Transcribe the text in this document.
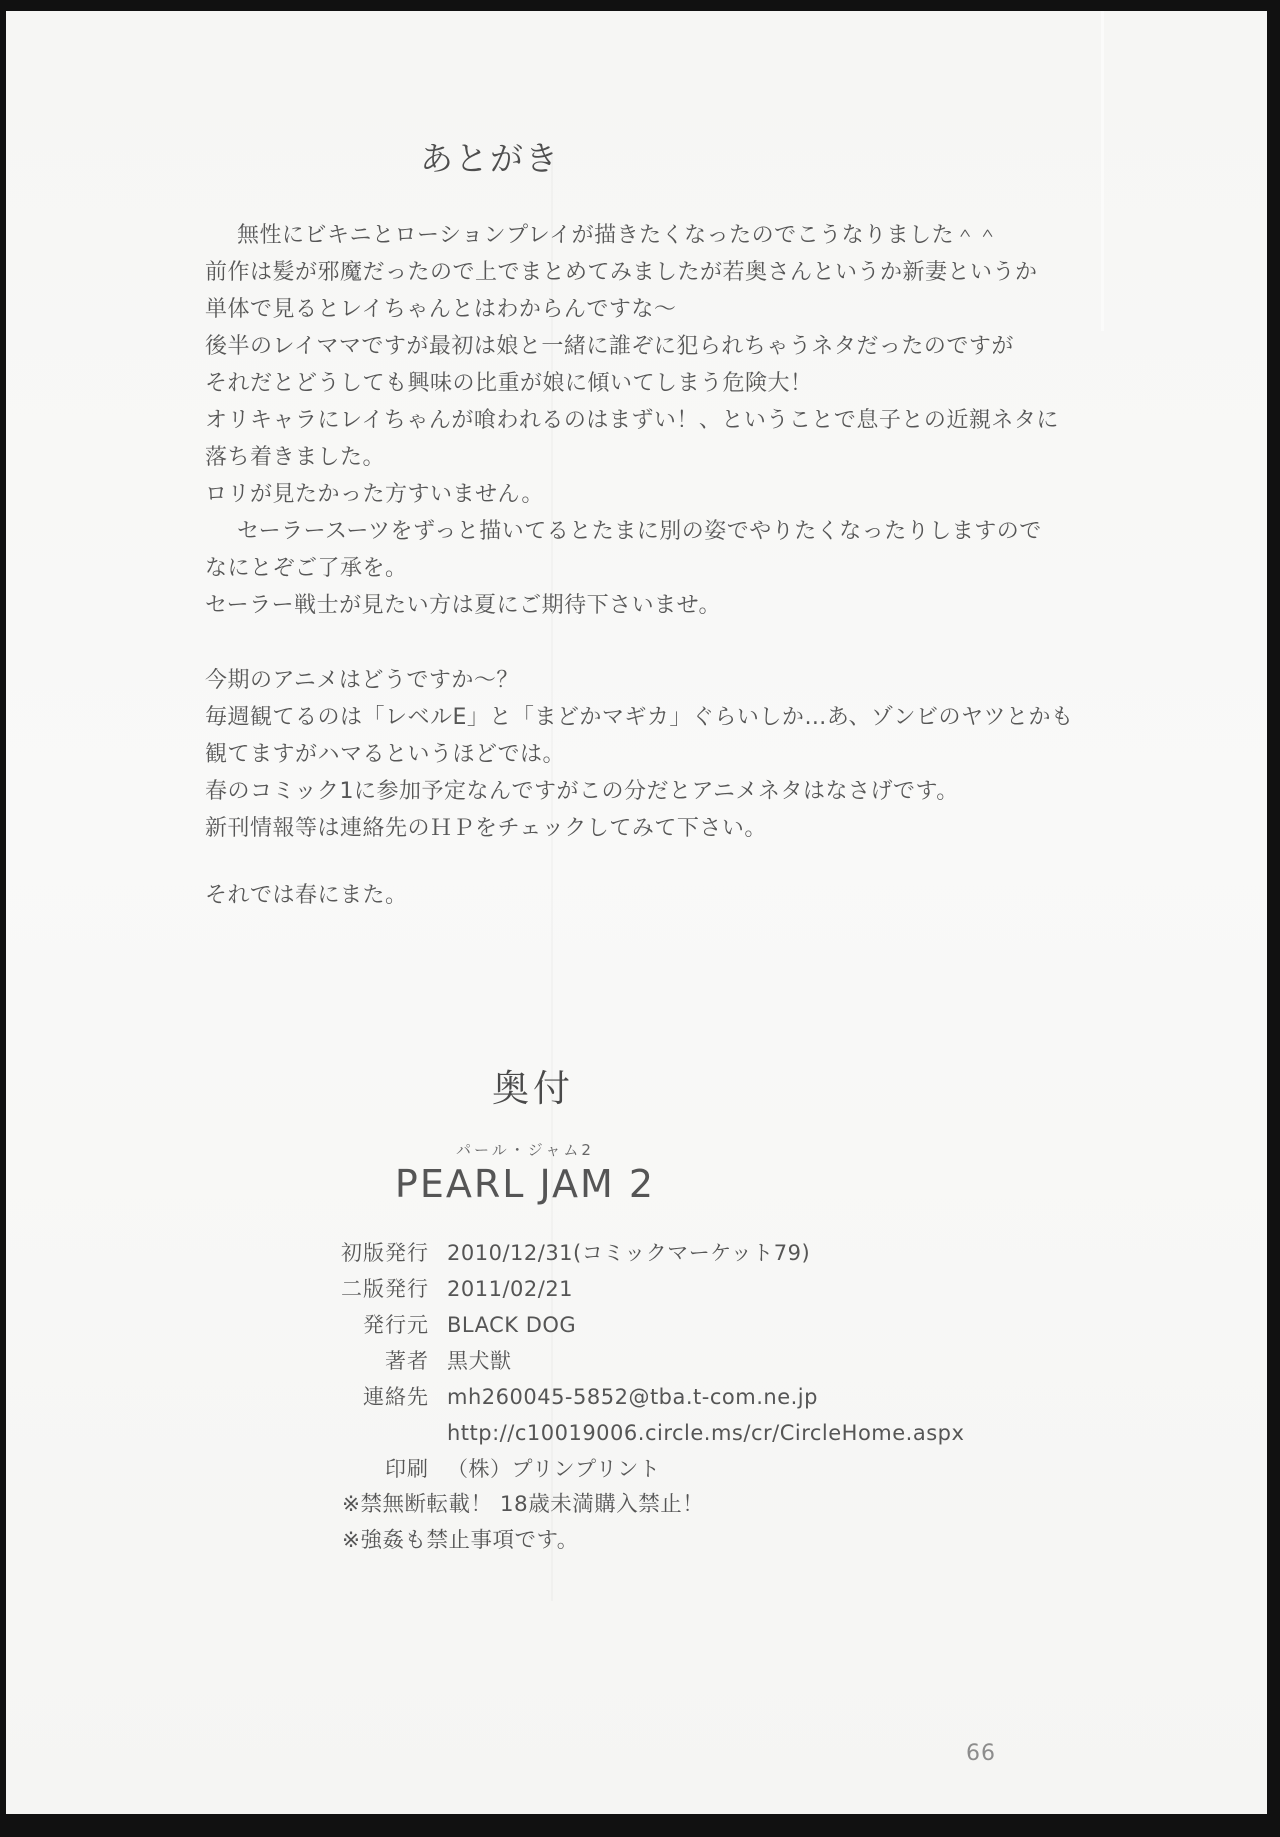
あとがき

無性にビキニとローションプレイが描きたくなったのでこうなりました＾＾

前作は髪が邪魔だったので上でまとめてみましたが若奥さんというか新妻というか

単体で見るとレイちゃんとはわからんですな～

後半のレイママですが最初は娘と一緒に誰ぞに犯られちゃうネタだったのですが

それだとどうしても興味の比重が娘に傾いてしまう危険大！

オリキャラにレイちゃんが喰われるのはまずい！、ということで息子との近親ネタに

落ち着きました。

ロリが見たかった方すいません。

セーラースーツをずっと描いてるとたまに別の姿でやりたくなったりしますので

なにとぞご了承を。

セーラー戦士が見たい方は夏にご期待下さいませ。

今期のアニメはどうですか～？

毎週観てるのは「レベルE」と「まどかマギカ」ぐらいしか…あ、ゾンビのヤツとかも

観てますがハマるというほどでは。

春のコミック1に参加予定なんですがこの分だとアニメネタはなさげです。

新刊情報等は連絡先のＨＰをチェックしてみて下さい。

それでは春にまた。

奥付
パール・ジャム2
PEARL JAM 2
初版発行 2010/12/31(コミックマーケット79)
二版発行 2011/02/21
発行元 BLACK DOG
著者 黒犬獣
連絡先 mh260045-5852@tba.t-com.ne.jp
http://c10019006.circle.ms/cr/CircleHome.aspx
印刷 （株）プリンプリント

※禁無断転載！ 18歳未満購入禁止！

※強姦も禁止事項です。

66
